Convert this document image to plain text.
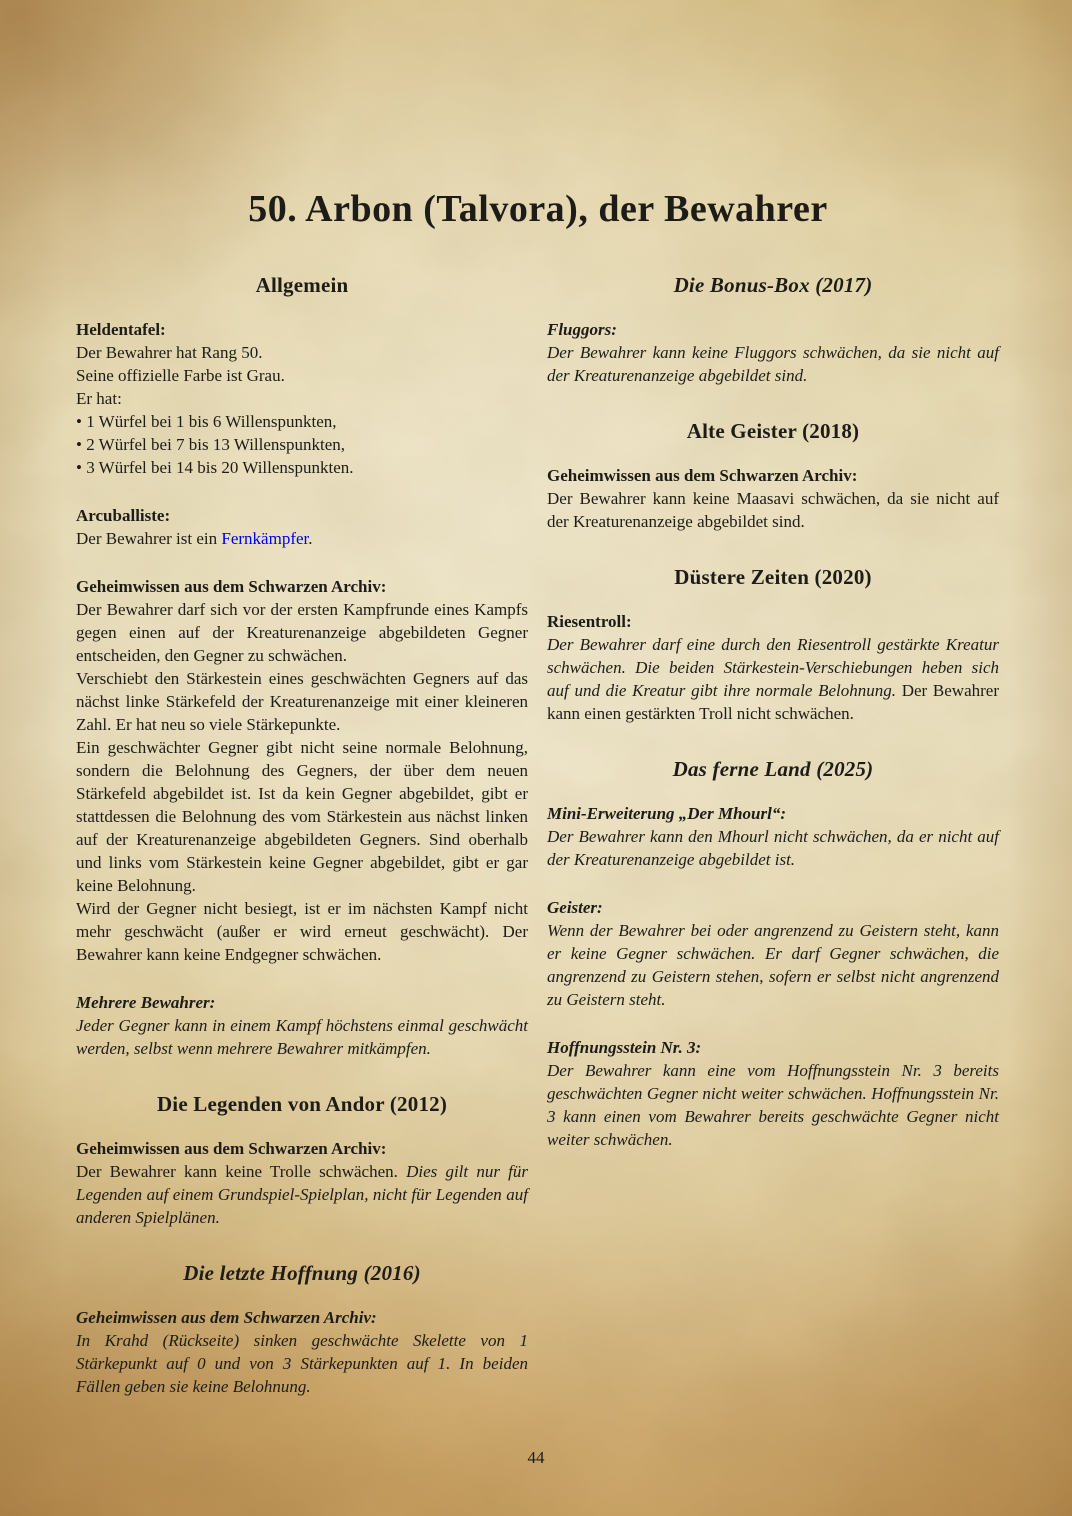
50. Arbon (Talvora), der Bewahrer
Allgemein

Heldentafel:

Der Bewahrer hat Rang 50.

Seine offizielle Farbe ist Grau.

Er hat:

• 1 Würfel bei 1 bis 6 Willenspunkten,

• 2 Würfel bei 7 bis 13 Willenspunkten,

• 3 Würfel bei 14 bis 20 Willenspunkten.

Arcuballiste:

Der Bewahrer ist ein Fernkämpfer.

Geheimwissen aus dem Schwarzen Archiv:

Der Bewahrer darf sich vor der ersten Kampfrunde eines Kampfs gegen einen auf der Kreaturenanzeige abgebildeten Gegner entscheiden, den Gegner zu schwächen.

Verschiebt den Stärkestein eines geschwächten Gegners auf das nächst linke Stärkefeld der Kreaturenanzeige mit einer kleineren Zahl. Er hat neu so viele Stärkepunkte.

Ein geschwächter Gegner gibt nicht seine normale Belohnung, sondern die Belohnung des Gegners, der über dem neuen Stärkefeld abgebildet ist. Ist da kein Gegner abgebildet, gibt er stattdessen die Belohnung des vom Stärkestein aus nächst linken auf der Kreaturenanzeige abgebildeten Gegners. Sind oberhalb und links vom Stärkestein keine Gegner abgebildet, gibt er gar keine Belohnung.

Wird der Gegner nicht besiegt, ist er im nächsten Kampf nicht mehr geschwächt (außer er wird erneut geschwächt). Der Bewahrer kann keine Endgegner schwächen.

Mehrere Bewahrer:

Jeder Gegner kann in einem Kampf höchstens einmal geschwächt werden, selbst wenn mehrere Bewahrer mitkämpfen.

Die Legenden von Andor (2012)

Geheimwissen aus dem Schwarzen Archiv:

Der Bewahrer kann keine Trolle schwächen. Dies gilt nur für Legenden auf einem Grundspiel-Spielplan, nicht für Legenden auf anderen Spielplänen.

Die letzte Hoffnung (2016)

Geheimwissen aus dem Schwarzen Archiv:

In Krahd (Rückseite) sinken geschwächte Skelette von 1 Stärkepunkt auf 0 und von 3 Stärkepunkten auf 1. In beiden Fällen geben sie keine Belohnung.

Die Bonus-Box (2017)

Fluggors:

Der Bewahrer kann keine Fluggors schwächen, da sie nicht auf der Kreaturenanzeige abgebildet sind.

Alte Geister (2018)

Geheimwissen aus dem Schwarzen Archiv:

Der Bewahrer kann keine Maasavi schwächen, da sie nicht auf der Kreaturenanzeige abgebildet sind.

Düstere Zeiten (2020)

Riesentroll:

Der Bewahrer darf eine durch den Riesentroll gestärkte Kreatur schwächen. Die beiden Stärkestein-Verschiebungen heben sich auf und die Kreatur gibt ihre normale Belohnung. Der Bewahrer kann einen gestärkten Troll nicht schwächen.

Das ferne Land (2025)

Mini-Erweiterung „Der Mhourl“:

Der Bewahrer kann den Mhourl nicht schwächen, da er nicht auf der Kreaturenanzeige abgebildet ist.

Geister:

Wenn der Bewahrer bei oder angrenzend zu Geistern steht, kann er keine Gegner schwächen. Er darf Gegner schwächen, die angrenzend zu Geistern stehen, sofern er selbst nicht angrenzend zu Geistern steht.

Hoffnungsstein Nr. 3:

Der Bewahrer kann eine vom Hoffnungsstein Nr. 3 bereits geschwächten Gegner nicht weiter schwächen. Hoffnungsstein Nr. 3 kann einen vom Bewahrer bereits geschwächte Gegner nicht weiter schwächen.

44
